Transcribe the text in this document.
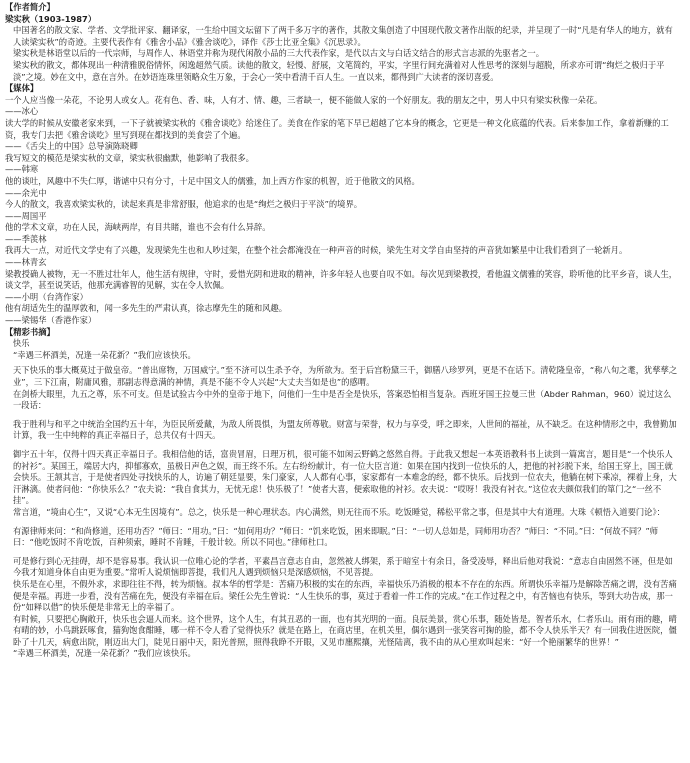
【作者简介】
梁实秋（1903-1987）
中国著名的散文家、学者、文学批评家、翻译家，一生给中国文坛留下了两千多万字的著作，其散文集创造了中国现代散文著作出版的纪录，并呈现了一时“凡是有华人的地方，就有人读梁实秋”的奇迹。主要代表作有《雅舍小品》《雅舍谈吃》，译作《莎士比亚全集》《沉思录》。
梁实秋是林语堂以后的一代宗师，与周作人、林语堂并称为现代闲散小品的三大代表作家，是代以古文与白话文结合的形式言志派的先驱者之一。
梁实秋的散文，都体现出一种清雅脱俗情怀，闲逸超然气质。读他的散文，轻慢、舒展，文笔简约，平实，字里行间充满着对人性思考的深刻与超脱，所求亦可谓“绚烂之极归于平淡”之境。妙在文中，意在言外。在妙语连珠里领略众生万象，于会心一笑中看清千百人生。一直以来，都得到广大读者的深切喜爱。
【媒体】
一个人应当像一朵花，不论男人或女人。花有色、香、味，人有才、情、趣，三者缺一，便不能做人家的一个好朋友。我的朋友之中，男人中只有梁实秋像一朵花。
——冰心
读大学的时候从安徽老家来到，一下子就被梁实秋的《雅舍谈吃》给迷住了。美食在作家的笔下早已超越了它本身的概念，它更是一种文化底蕴的代表。后来参加工作，拿着新赚的工资，我专门去把《雅舍谈吃》里写到现在都找到的美食尝了个遍。
——《舌尖上的中国》总导演陈晓卿
我写短文的模范是梁实秋的文章，梁实秋很幽默，他影响了我很多。
——韩寒
他的谈吐，风趣中不失仁厚，谐谑中只有分寸，十足中国文人的儒雅，加上西方作家的机智，近于他散文的风格。
——余光中
今人的散文，我喜欢梁实秋的，读起来真是非常舒服，他追求的也是“绚烂之极归于平淡”的境界。
——周国平
他的学术文章，功在人民，海峡两岸，有目共睹，谁也不会有什么异辞。
——季羡林
我再大一点，对近代文学史有了兴趣，发现梁先生也和人吵过架，在整个社会都淹没在一种声音的时候，梁先生对文学自由坚持的声音犹如繁星中让我们看到了一轮新月。
——林青玄
梁教授确人被物，无一不胜过壮年人，他生活有规律，守时，爱惜光阴和进取的精神，许多年轻人也要自叹不如。每次见到梁教授，看他温文儒雅的笑容，聆听他的比平乡音，谈人生，谈文学，甚至说笑话，他那充满睿智的见解，实在令人钦佩。
——小明（台湾作家）
他有胡适先生的温厚敦和，闻一多先生的严肃认真，徐志摩先生的随和风趣。
——梁锡华（香港作家）
【精彩书摘】
快乐
“幸遇三杯酒美，况逢一朵花新？”我们应该快乐。
天下快乐的事大概莫过于做皇帝。“普出席物，万国威宁。”至不济可以生杀予夺，为所欲为。至于后宫粉黛三千，御膳八珍罗列，更是不在话下。清乾隆皇帝，“称八旬之耄，犹孳孳之业”，三下江南，附庸风雅，那副志得意满的神情，真是不能不令人兴起“大丈夫当如是也”的感喟。
在剑桥大眼里，九五之尊，乐不可支。但是试验古今中外的皇帝于地下，问他们一生中是否全是快乐，答案恐怕相当复杂。西班牙国王拉曼三世（Abder Rahman，960）说过这么一段话：
我于胜利与和平之中统治全国约五十年，为臣民所爱戴，为敌人所畏惧，为盟友所尊敬。财富与荣誉，权力与享受，呼之即来，人世间的福祉，从不缺乏。在这种情形之中，我曾勤加计算，我一生中纯粹的真正幸福日子，总共仅有十四天。
御宇五十年，仅得十四天真正幸福日子。我相信他的话，富贵冒眉，日理万机，很可能不如闲云野鹤之悠然自得。于此我又想起一本英语教科书上读到一篇寓言，题目是“一个快乐人的衬衫”。某国王，端居大内，抑郁寡欢，虽极日声色之娱，而王终不乐。左右纷纷献计，有一位大臣言道：如果在国内找到一位快乐的人，把他的衬衫脱下来，给国王穿上，国王就会快乐。王颔其言，于是使者四处寻找快乐的人，访遍了朝廷显要，朱门豪家，人人都有心事，家家都有一本难念的经，都不快乐。后找到一位农夫，他躺在树下乘凉，裸着上身，大汗淋漓。使者问他：“你快乐么？”农夫说：“我自食其力，无忧无虑！快乐极了！”使者大喜，便索取他的衬衫。农夫说：“哎呀！我没有衬衣。”这位农夫颇似我们的箪门之“一丝不挂”。
常言道，“境由心生”，又说“心本无生因境有”。总之，快乐是一种心理状态。内心满然，则无往而不乐。吃饭睡觉，稀松平常之事，但是其中大有道理。大珠《顿悟入道要门论》：
有源律师来问：“和尚修道，还用功否？”师曰：“用功。”曰：“如何用功？”师曰：“饥来吃饭，困来即眠。”曰：“一切人总如是，同师用功否？”师曰：“不同。”曰：“何故不同？”师曰：“他吃饭时不肯吃饭，百种须索，睡时不肯睡，千般计较。所以不同也。”律师杜口。
可是修行到心无挂碍，却不是容易事。我认识一位唯心论的学者，平素昌言意志自由，忽然被人绑架，系于暗室十有余日，备受凌辱，释出后他对我说：“意志自由固然不诬，但是如今我才知道身体自由更为重要。”常听人说烦恼即菩提，我们凡人遇到烦恼只是深感烦恼，不见菩提。
快乐是在心里，不假外求，求即往往不得，转为烦恼。叔本华的哲学是：苦痛乃积极的实在的东西，幸福快乐乃消极的根本不存在的东西。所谓快乐幸福乃是解除苦痛之谓，没有苦痛便是幸福。再进一步看，没有苦痛在先，便没有幸福在后。梁任公先生曾说：“人生快乐的事，莫过于看着一件工作的完成。”在工作过程之中，有苦恼也有快乐，等到大功告成，那一份“如释以借”的快乐便是非常无上的幸福了。
有时候，只要把心胸敞开，快乐也会逼人而来。这个世界，这个人生，有其丑恶的一面，也有其光明的一面。良辰美景，赏心乐事，随处皆是。智者乐水，仁者乐山。雨有雨的趣，晴有晴的妙，小鸟跳跃啄食，猫狗饱食酣睡，哪一样不令人看了觉得快乐？就是在路上，在商店里，在机关里，偶尔遇到一张笑容可掬的脸，都不令人快乐半天？有一回我住进医院，僵卧了十几天，病愈出院，刚迈出大门，陡见日丽中天，阳光普照，照得我睁不开眼，又见市廛熙攘，光怪陆离，我不由的从心里欢叫起来：“好一个艳丽繁华的世界！”
“幸遇三杯酒美，况逢一朵花新？”我们应该快乐。
